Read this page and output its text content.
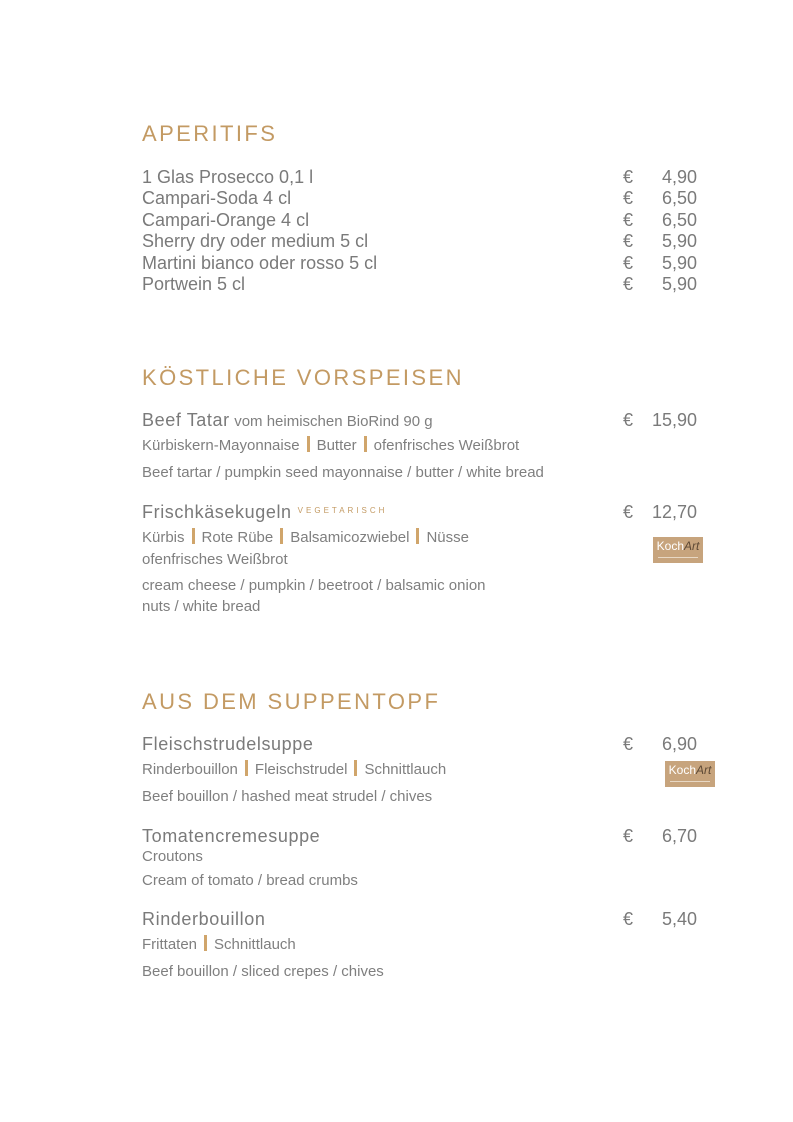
APERITIFS
1 Glas Prosecco 0,1 l	€ 4,90
Campari-Soda 4 cl	€ 6,50
Campari-Orange 4 cl	€ 6,50
Sherry dry oder medium 5 cl	€ 5,90
Martini bianco oder rosso 5 cl	€ 5,90
Portwein 5 cl	€ 5,90
KÖSTLICHE VORSPEISEN
Beef Tatar vom heimischen BioRind 90 g	€ 15,90
Kürbiskern-Mayonnaise Butter ofenfrisches Weißbrot
Beef tartar / pumpkin seed mayonnaise / butter / white bread
Frischkäsekugeln $^{VEGETARISCH}$	€ 12,70
Kürbis Rote Rübe Balsamicozwiebel Nüsse
ofenfrisches Weißbrot
cream cheese / pumpkin / beetroot / balsamic onion
nuts / white bread
KochArt
AUS DEM SUPPENTOPF
Fleischstrudelsuppe	€ 6,90
Rinderbouillon Fleischstrudel Schnittlauch
Beef bouillon / hashed meat strudel / chives
KochArt
Tomatencremesuppe	€ 6,70
Croutons
Cream of tomato / bread crumbs
Rinderbouillon	€ 5,40
Frittaten Schnittlauch
Beef bouillon / sliced crepes / chives
